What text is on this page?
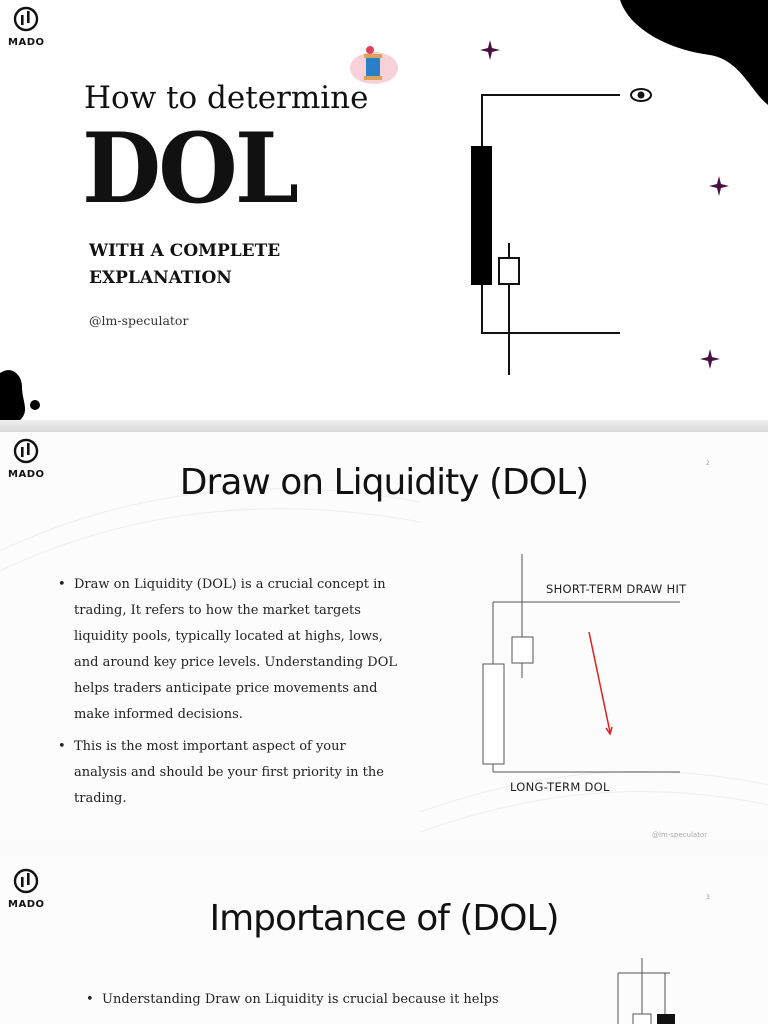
MADO
How to determine
DOL
WITH A COMPLETE EXPLANATION
@lm-speculator
MADO	Draw on Liquidity (DOL)	2
• Draw on Liquidity (DOL) is a crucial concept in trading, It refers to how the market targets liquidity pools, typically located at highs, lows, and around key price levels. Understanding DOL helps traders anticipate price movements and make informed decisions.
• This is the most important aspect of your analysis and should be your first priority in the trading.
SHORT-TERM DRAW HIT
LONG-TERM DOL
@lm-speculator
MADO	Importance of (DOL)
3
• Understanding Draw on Liquidity is crucial because it helps
